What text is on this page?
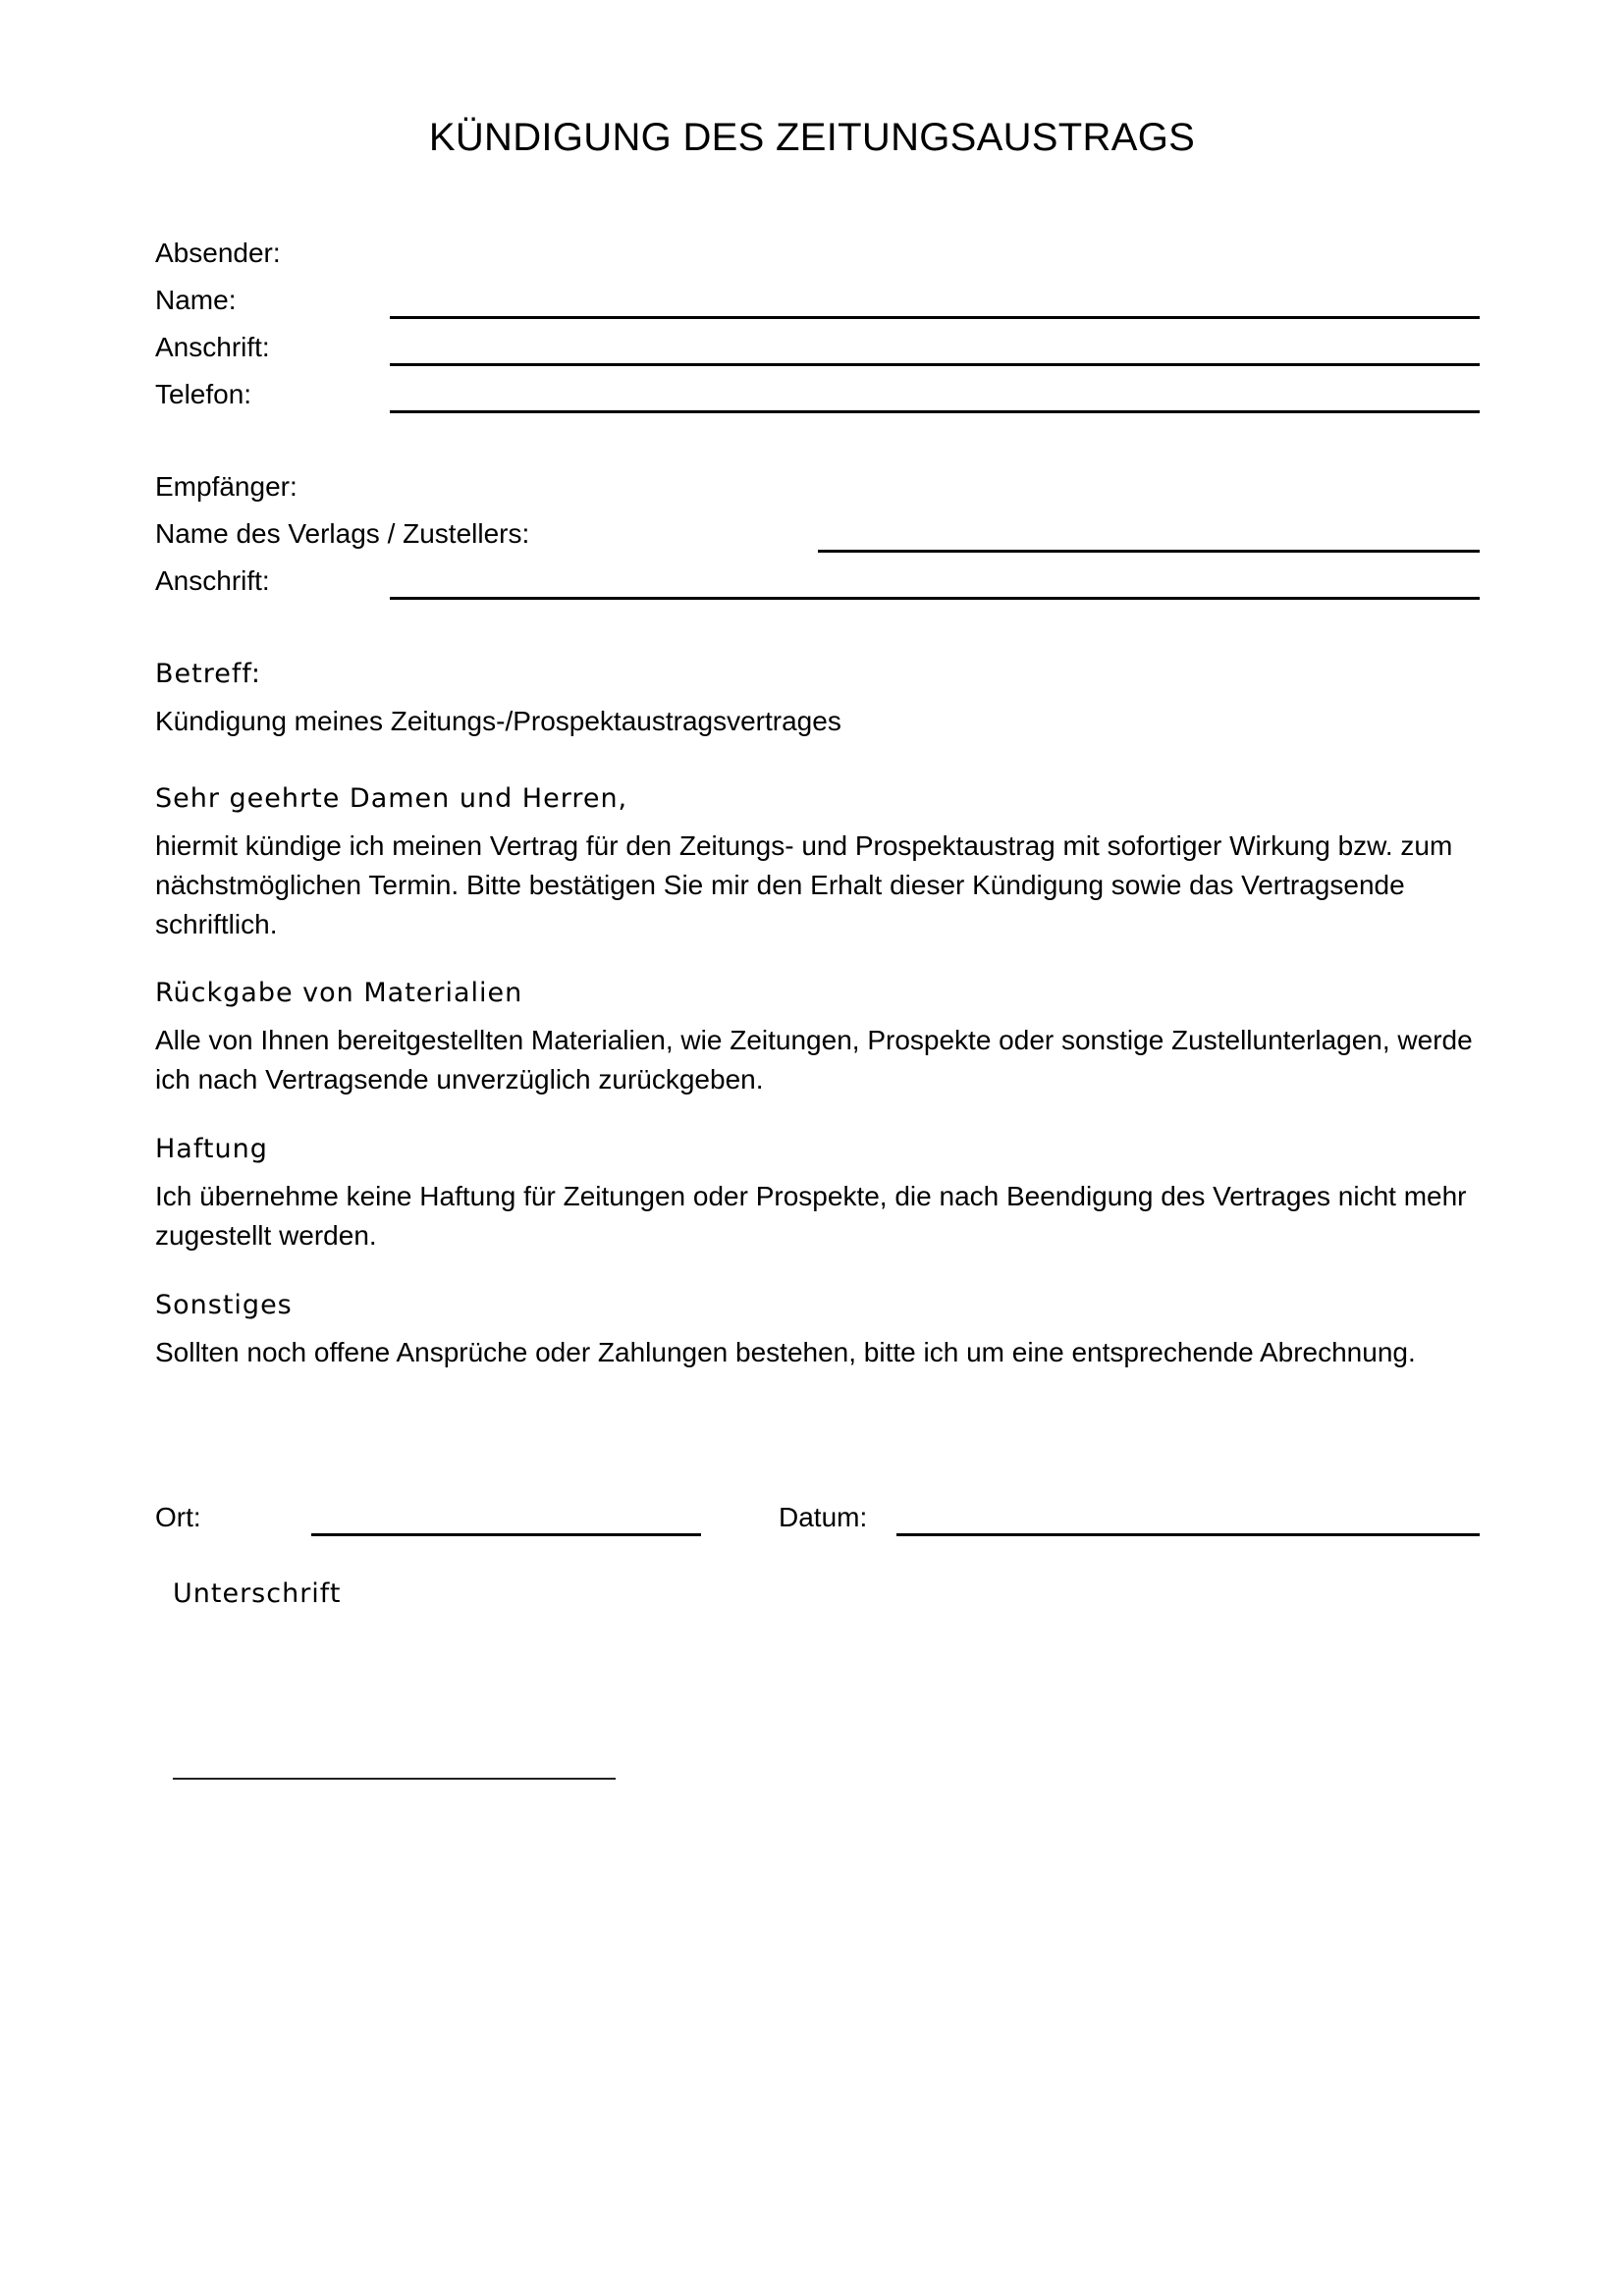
KÜNDIGUNG DES ZEITUNGSAUSTRAGS
Absender:
Name:
Anschrift:
Telefon:
Empfänger:
Name des Verlags / Zustellers:
Anschrift:
Betreff:
Kündigung meines Zeitungs-/Prospektaustragsvertrages
Sehr geehrte Damen und Herren,
hiermit kündige ich meinen Vertrag für den Zeitungs- und Prospektaustrag mit sofortiger Wirkung bzw. zum nächstmöglichen Termin. Bitte bestätigen Sie mir den Erhalt dieser Kündigung sowie das Vertragsende schriftlich.
Rückgabe von Materialien
Alle von Ihnen bereitgestellten Materialien, wie Zeitungen, Prospekte oder sonstige Zustellunterlagen, werde ich nach Vertragsende unverzüglich zurückgeben.
Haftung
Ich übernehme keine Haftung für Zeitungen oder Prospekte, die nach Beendigung des Vertrages nicht mehr zugestellt werden.
Sonstiges
Sollten noch offene Ansprüche oder Zahlungen bestehen, bitte ich um eine entsprechende Abrechnung.
Ort:	Datum:
Unterschrift
